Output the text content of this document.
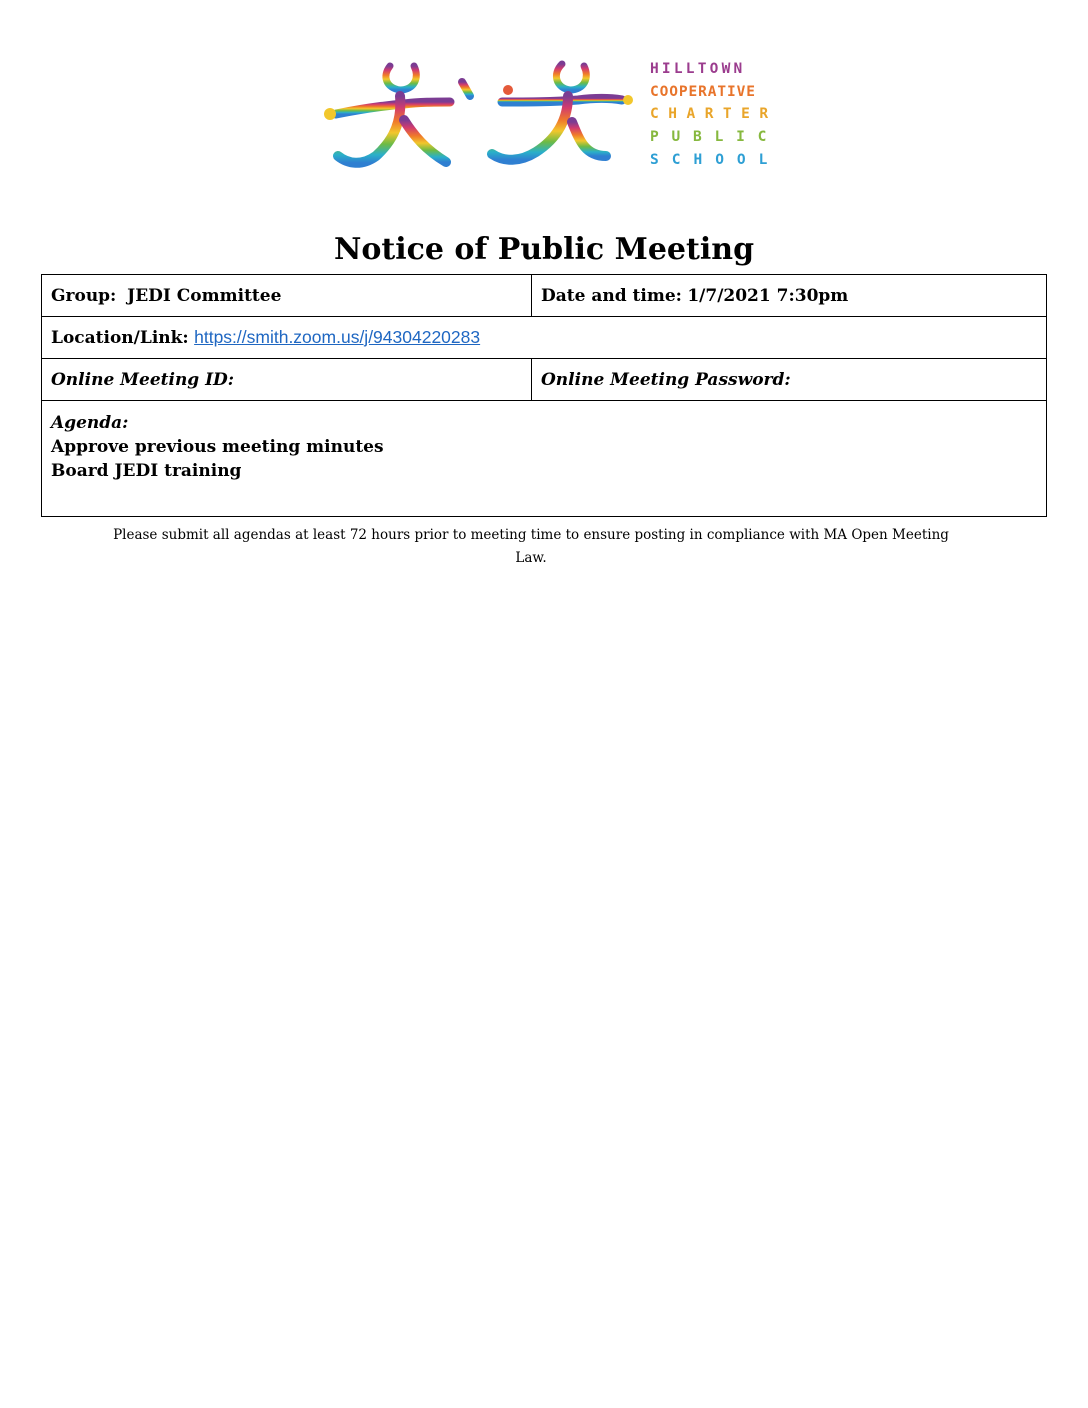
HILLTOWN
COOPERATIVE
CHARTER
PUBLIC
SCHOOL
Notice of Public Meeting
Group: JEDI Committee	Date and time: 1/7/2021 7:30pm
Location/Link: https://smith.zoom.us/j/94304220283	
Online Meeting ID:	Online Meeting Password:
Agenda:
Approve previous meeting minutes
Board JEDI training	
Please submit all agendas at least 72 hours prior to meeting time to ensure posting in compliance with MA Open Meeting Law.
